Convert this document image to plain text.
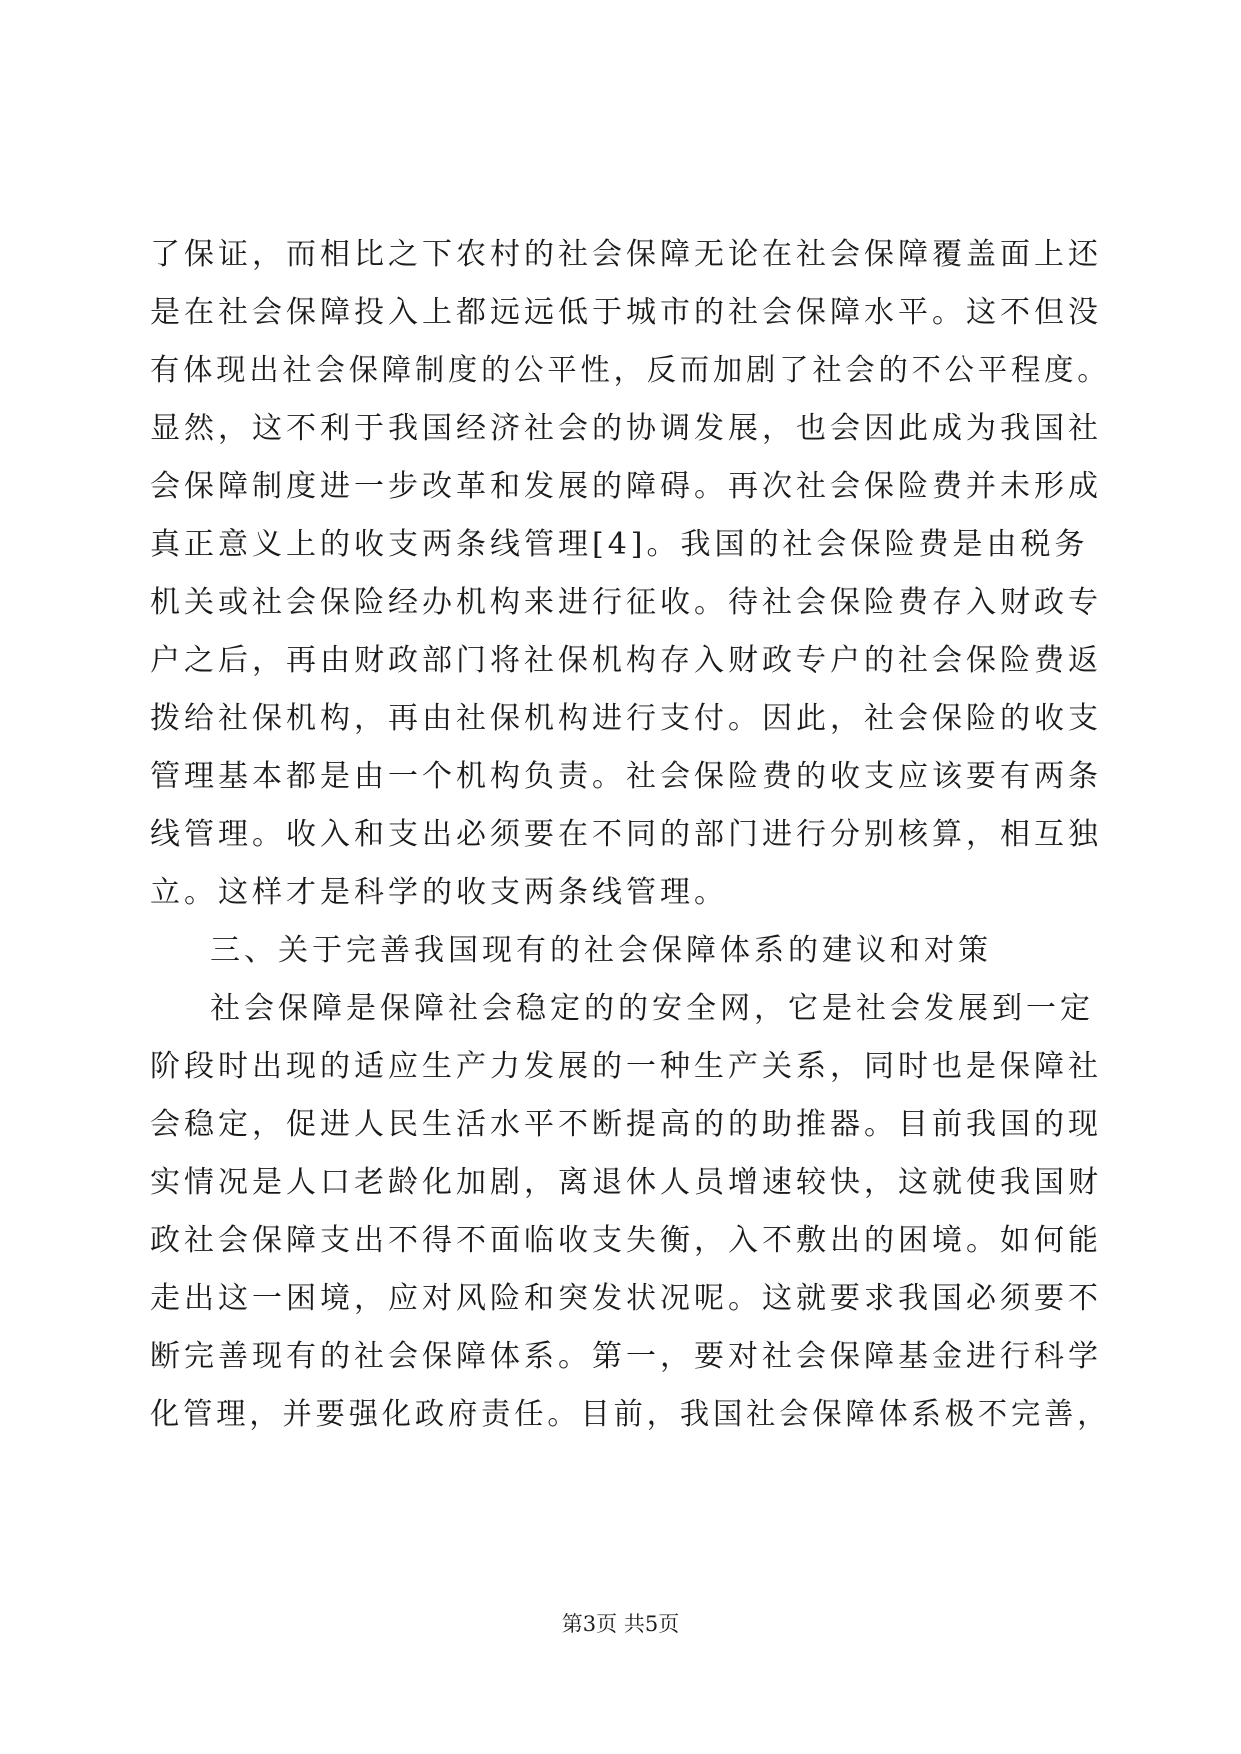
了保证，而相比之下农村的社会保障无论在社会保障覆盖面上还
是在社会保障投入上都远远低于城市的社会保障水平。这不但没
有体现出社会保障制度的公平性，反而加剧了社会的不公平程度。
显然，这不利于我国经济社会的协调发展，也会因此成为我国社
会保障制度进一步改革和发展的障碍。再次社会保险费并未形成
真正意义上的收支两条线管理[4]。我国的社会保险费是由税务
机关或社会保险经办机构来进行征收。待社会保险费存入财政专
户之后，再由财政部门将社保机构存入财政专户的社会保险费返
拨给社保机构，再由社保机构进行支付。因此，社会保险的收支
管理基本都是由一个机构负责。社会保险费的收支应该要有两条
线管理。收入和支出必须要在不同的部门进行分别核算，相互独
立。这样才是科学的收支两条线管理。
三、关于完善我国现有的社会保障体系的建议和对策
社会保障是保障社会稳定的的安全网，它是社会发展到一定
阶段时出现的适应生产力发展的一种生产关系，同时也是保障社
会稳定，促进人民生活水平不断提高的的助推器。目前我国的现
实情况是人口老龄化加剧，离退休人员增速较快，这就使我国财
政社会保障支出不得不面临收支失衡，入不敷出的困境。如何能
走出这一困境，应对风险和突发状况呢。这就要求我国必须要不
断完善现有的社会保障体系。第一，要对社会保障基金进行科学
化管理，并要强化政府责任。目前，我国社会保障体系极不完善，
第3页 共5页
